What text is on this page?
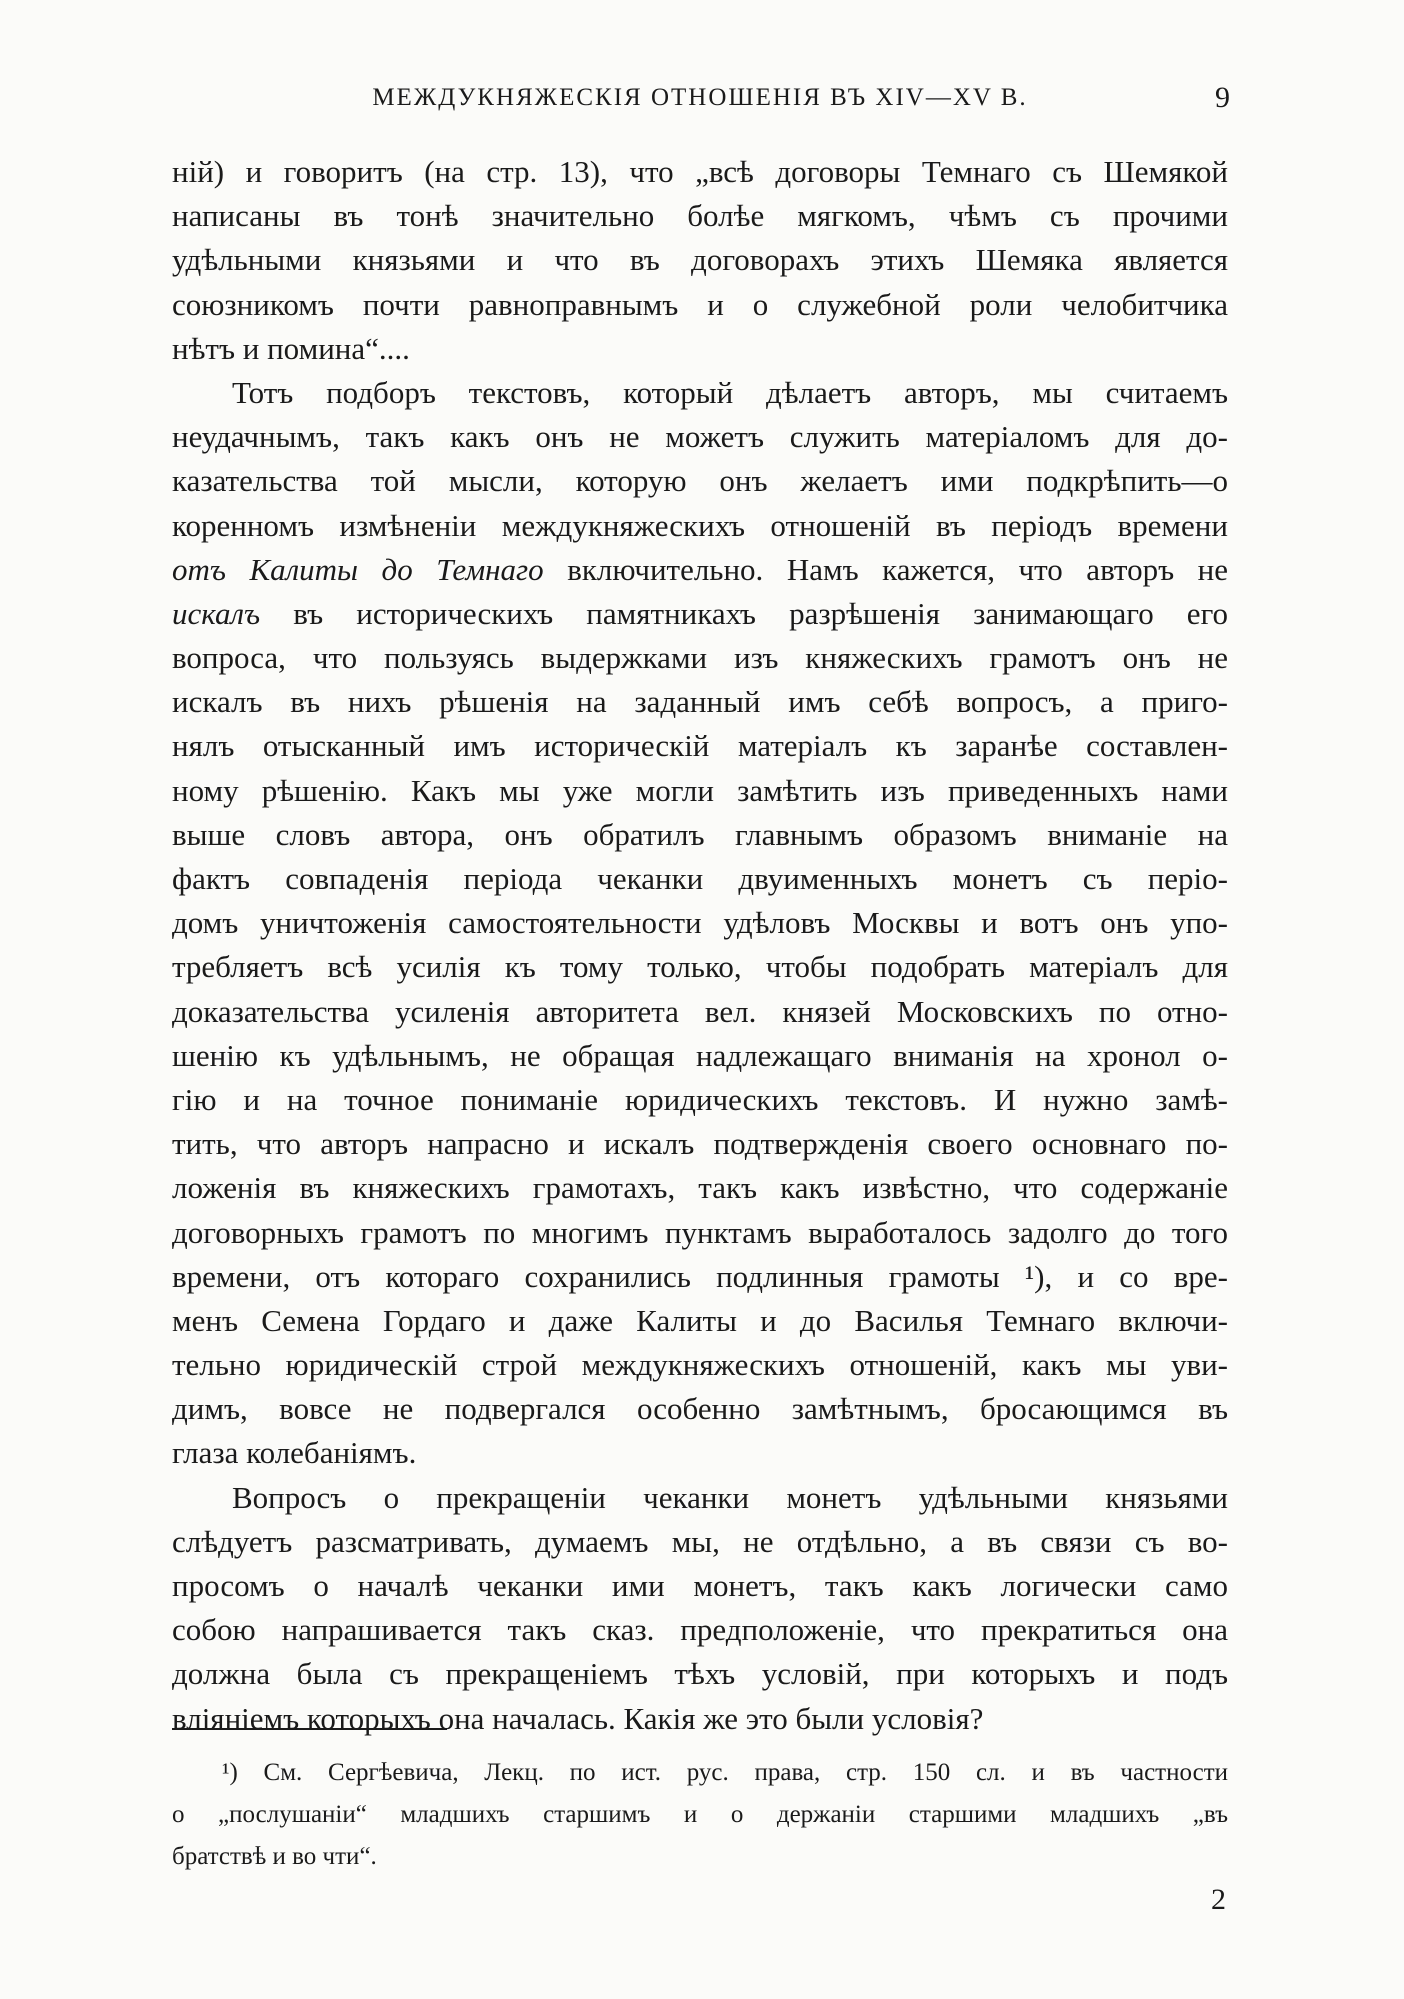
МЕЖДУКНЯЖЕСКІЯ ОТНОШЕНІЯ ВЪ XIV—XV В.	9
ній) и говоритъ (на стр. 13), что „всѣ договоры Темнаго съ Шемякой
написаны въ тонѣ значительно болѣе мягкомъ, чѣмъ съ прочими
удѣльными князьями и что въ договорахъ этихъ Шемяка является
союзникомъ почти равноправнымъ и о служебной роли челобитчика
нѣтъ и помина“....
Тотъ подборъ текстовъ, который дѣлаетъ авторъ, мы считаемъ
неудачнымъ, такъ какъ онъ не можетъ служить матеріаломъ для до-
казательства той мысли, которую онъ желаетъ ими подкрѣпить—о
коренномъ измѣненіи междукняжескихъ отношеній въ періодъ времени
отъ Калиты до Темнаго включительно. Намъ кажется, что авторъ не
искалъ въ историческихъ памятникахъ разрѣшенія занимающаго его
вопроса, что пользуясь выдержками изъ княжескихъ грамотъ онъ не
искалъ въ нихъ рѣшенія на заданный имъ себѣ вопросъ, а приго-
нялъ отысканный имъ историческій матеріалъ къ заранѣе составлен-
ному рѣшенію. Какъ мы уже могли замѣтить изъ приведенныхъ нами
выше словъ автора, онъ обратилъ главнымъ образомъ вниманіе на
фактъ совпаденія періода чеканки двуименныхъ монетъ съ періо-
домъ уничтоженія самостоятельности удѣловъ Москвы и вотъ онъ упо-
требляетъ всѣ усилія къ тому только, чтобы подобрать матеріалъ для
доказательства усиленія авторитета вел. князей Московскихъ по отно-
шенію къ удѣльнымъ, не обращая надлежащаго вниманія на хронол о-
гію и на точное пониманіе юридическихъ текстовъ. И нужно замѣ-
тить, что авторъ напрасно и искалъ подтвержденія своего основнаго по-
ложенія въ княжескихъ грамотахъ, такъ какъ извѣстно, что содержаніе
договорныхъ грамотъ по многимъ пунктамъ выработалось задолго до того
времени, отъ котораго сохранились подлинныя грамоты ¹), и со вре-
менъ Семена Гордаго и даже Калиты и до Василья Темнаго включи-
тельно юридическій строй междукняжескихъ отношеній, какъ мы уви-
димъ, вовсе не подвергался особенно замѣтнымъ, бросающимся въ
глаза колебаніямъ.
Вопросъ о прекращеніи чеканки монетъ удѣльными князьями
слѣдуетъ разсматривать, думаемъ мы, не отдѣльно, а въ связи съ во-
просомъ о началѣ чеканки ими монетъ, такъ какъ логически само
собою напрашивается такъ сказ. предположеніе, что прекратиться она
должна была съ прекращеніемъ тѣхъ условій, при которыхъ и подъ
вліяніемъ которыхъ она началась. Какія же это были условія?
¹) См. Сергѣевича, Лекц. по ист. рус. права, стр. 150 сл. и въ частности
о „послушаніи“ младшихъ старшимъ и о держаніи старшими младшихъ „въ
братствѣ и во чти“.
2
